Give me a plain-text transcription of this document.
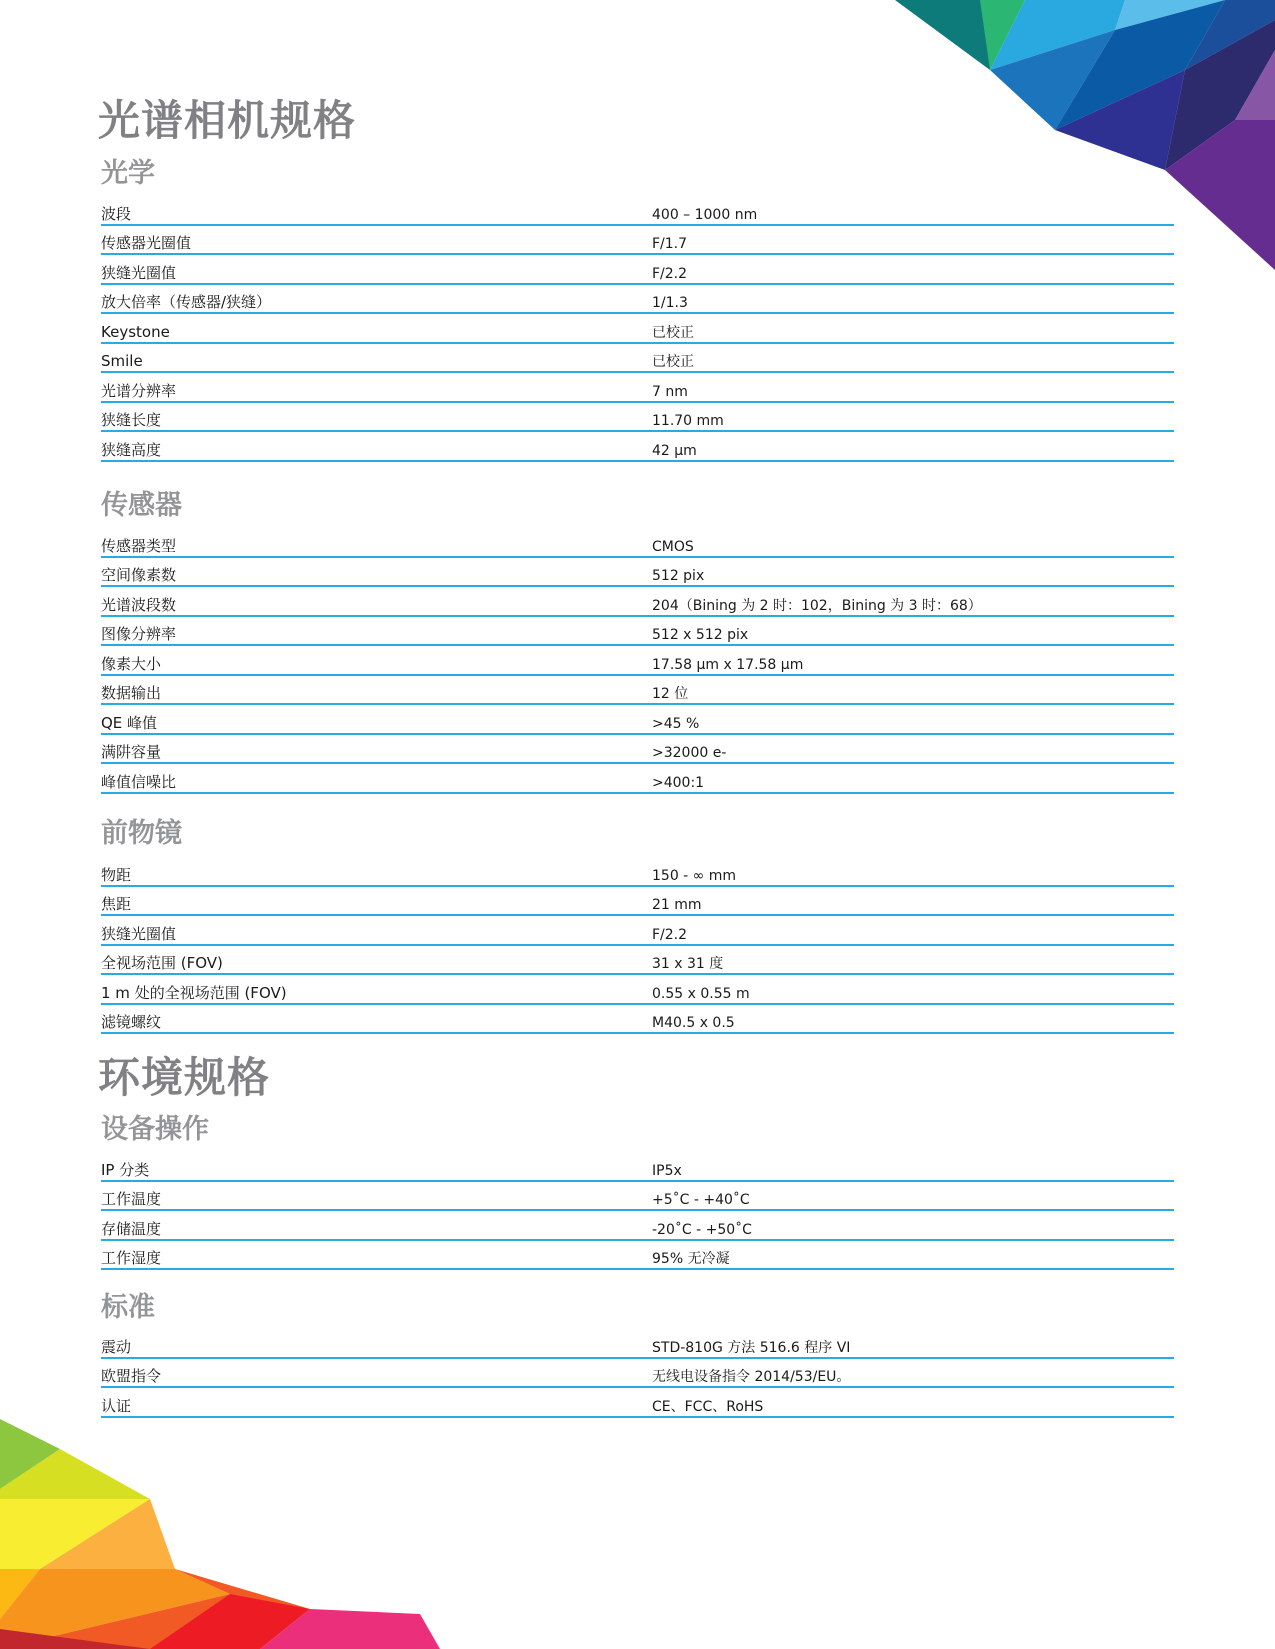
光谱相机规格
光学
波段	400 – 1000 nm
传感器光圈值	F/1.7
狭缝光圈值	F/2.2
放大倍率（传感器/狭缝）	1/1.3
Keystone	已校正
Smile	已校正
光谱分辨率	7 nm
狭缝长度	11.70 mm
狭缝高度	42 µm
传感器
传感器类型	CMOS
空间像素数	512 pix
光谱波段数	204（Bining 为 2 时：102，Bining 为 3 时：68）
图像分辨率	512 x 512 pix
像素大小	17.58 µm x 17.58 µm
数据输出	12 位
QE 峰值	>45 %
满阱容量	>32000 e-
峰值信噪比	>400:1
前物镜
物距	150 - ∞ mm
焦距	21 mm
狭缝光圈值	F/2.2
全视场范围 (FOV)	31 x 31 度
1 m 处的全视场范围 (FOV)	0.55 x 0.55 m
滤镜螺纹	M40.5 x 0.5
环境规格
设备操作
IP 分类	IP5x
工作温度	+5˚C - +40˚C
存储温度	-20˚C - +50˚C
工作湿度	95% 无冷凝
标准
震动	STD-810G 方法 516.6 程序 VI
欧盟指令	无线电设备指令 2014/53/EU。
认证	CE、FCC、RoHS
